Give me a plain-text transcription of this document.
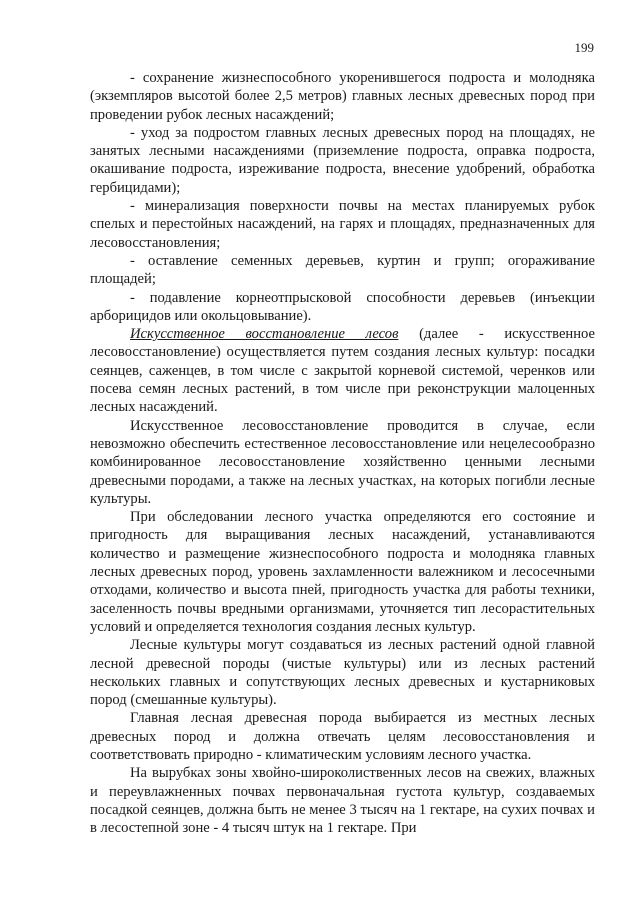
199

- сохранение жизнеспособного укоренившегося подроста и молодняка (экземпляров высотой более 2,5 метров) главных лесных древесных пород при проведении рубок лесных насаждений;

- уход за подростом главных лесных древесных пород на площадях, не занятых лесными насаждениями (приземление подроста, оправка подроста, окашивание подроста, изреживание подроста, внесение удобрений, обработка гербицидами);

- минерализация поверхности почвы на местах планируемых рубок спелых и перестойных насаждений, на гарях и площадях, предназначенных для лесовосстановления;

- оставление семенных деревьев, куртин и групп; огораживание площадей;

- подавление корнеотпрысковой способности деревьев (инъекции арборицидов или окольцовывание).

Искусственное восстановление лесов (далее - искусственное лесовосстановление) осуществляется путем создания лесных культур: посадки сеянцев, саженцев, в том числе с закрытой корневой системой, черенков или посева семян лесных растений, в том числе при реконструкции малоценных лесных насаждений.

Искусственное лесовосстановление проводится в случае, если невозможно обеспечить естественное лесовосстановление или нецелесообразно комбинированное лесовосстановление хозяйственно ценными лесными древесными породами, а также на лесных участках, на которых погибли лесные культуры.

При обследовании лесного участка определяются его состояние и пригодность для выращивания лесных насаждений, устанавливаются количество и размещение жизнеспособного подроста и молодняка главных лесных древесных пород, уровень захламленности валежником и лесосечными отходами, количество и высота пней, пригодность участка для работы техники, заселенность почвы вредными организмами, уточняется тип лесорастительных условий и определяется технология создания лесных культур.

Лесные культуры могут создаваться из лесных растений одной главной лесной древесной породы (чистые культуры) или из лесных растений нескольких главных и сопутствующих лесных древесных и кустарниковых пород (смешанные культуры).

Главная лесная древесная порода выбирается из местных лесных древесных пород и должна отвечать целям лесовосстановления и соответствовать природно - климатическим условиям лесного участка.

На вырубках зоны хвойно-широколиственных лесов на свежих, влажных и переувлажненных почвах первоначальная густота культур, создаваемых посадкой сеянцев, должна быть не менее 3 тысяч на 1 гектаре, на сухих почвах и в лесостепной зоне - 4 тысяч штук на 1 гектаре. При
